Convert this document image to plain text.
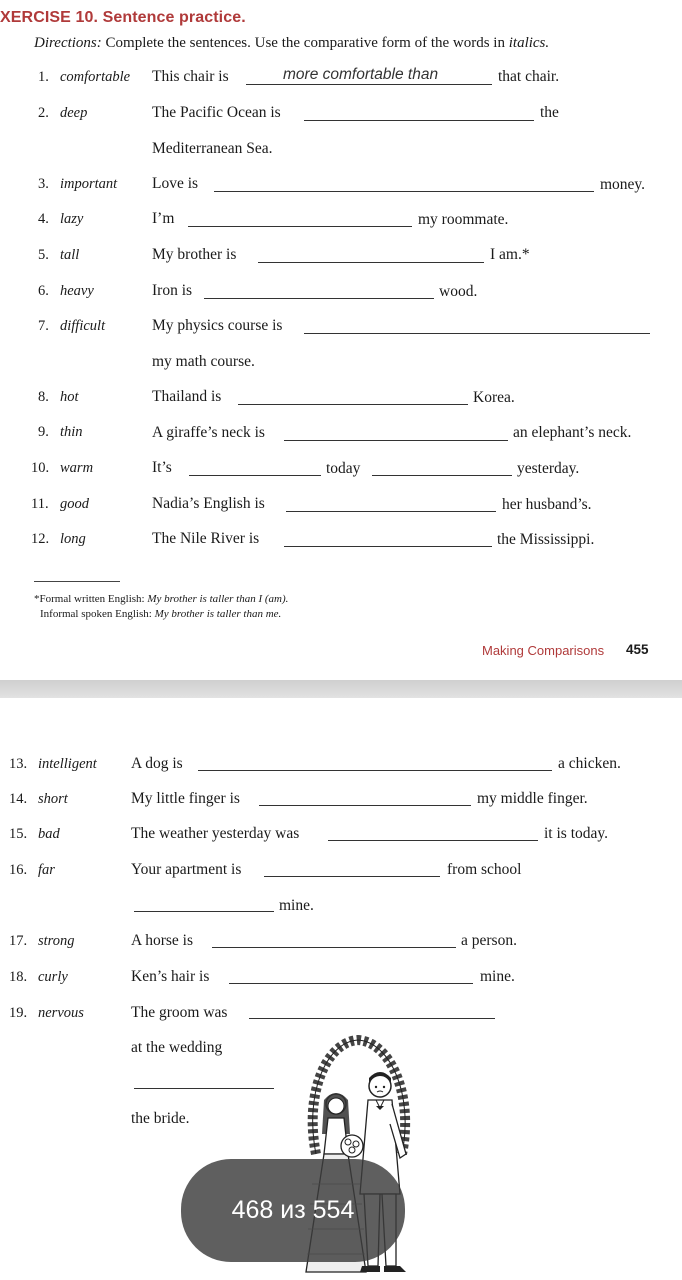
XERCISE 10. Sentence practice.
Directions: Complete the sentences. Use the comparative form of the words in italics.
1. comfortable This chair is	more comfortable than	that chair.
2. deep	The Pacific Ocean is	the
Mediterranean Sea.
3. important Love is	money.
4. lazy	I’m	my roommate.
5. tall	My brother is	I am.*
6. heavy	Iron is	wood.
7. difficult	My physics course is
my math course.
8. hot	Thailand is	Korea.
9. thin	A giraffe’s neck is	an elephant’s neck.
10. warm	It’s	today	yesterday.
11. good	Nadia’s English is	her husband’s.
12. long	The Nile River is	the Mississippi.
*Formal written English: My brother is taller than I (am).
Informal spoken English: My brother is taller than me.
Making Comparisons 455
13. intelligent A dog is	a chicken.
14. short	My little finger is	my middle finger.
15. bad	The weather yesterday was	it is today.
16. far	Your apartment is	from school
mine.
17. strong	A horse is	a person.
18. curly	Ken’s hair is	mine.
19. nervous	The groom was
at the wedding
the bride.
468 из 554
